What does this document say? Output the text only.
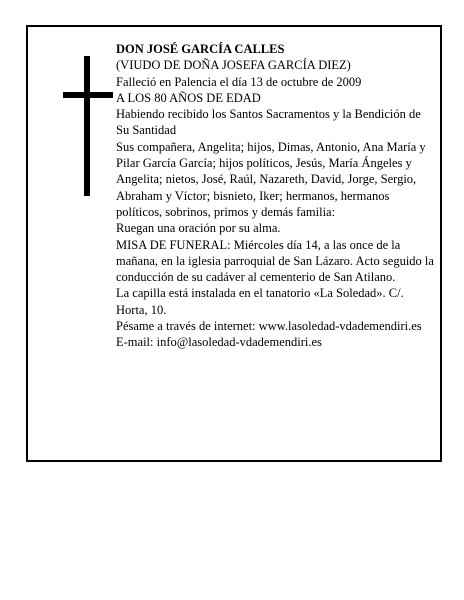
DON JOSÉ GARCÍA CALLES

(VIUDO DE DOÑA JOSEFA GARCÍA DIEZ)

Falleció en Palencia el día 13 de octubre de 2009

A LOS 80 AÑOS DE EDAD

Habiendo recibido los Santos Sacramentos y la Bendición de Su Santidad

Sus compañera, Angelita; hijos, Dimas, Antonio, Ana María y Pilar García García; hijos políticos, Jesús, María Ángeles y Angelita; nietos, José, Raúl, Nazareth, David, Jorge, Sergio, Abraham y Víctor; bisnieto, Iker; hermanos, hermanos políticos, sobrinos, primos y demás familia:

Ruegan una oración por su alma.

MISA DE FUNERAL: Miércoles día 14, a las once de la mañana, en la iglesia parroquial de San Lázaro. Acto seguido la conducción de su cadáver al cementerio de San Atilano.

La capilla está instalada en el tanatorio «La Soledad». C/. Horta, 10.

Pésame a través de internet: www.lasoledad-vdademendiri.es

E-mail: info@lasoledad-vdademendiri.es
